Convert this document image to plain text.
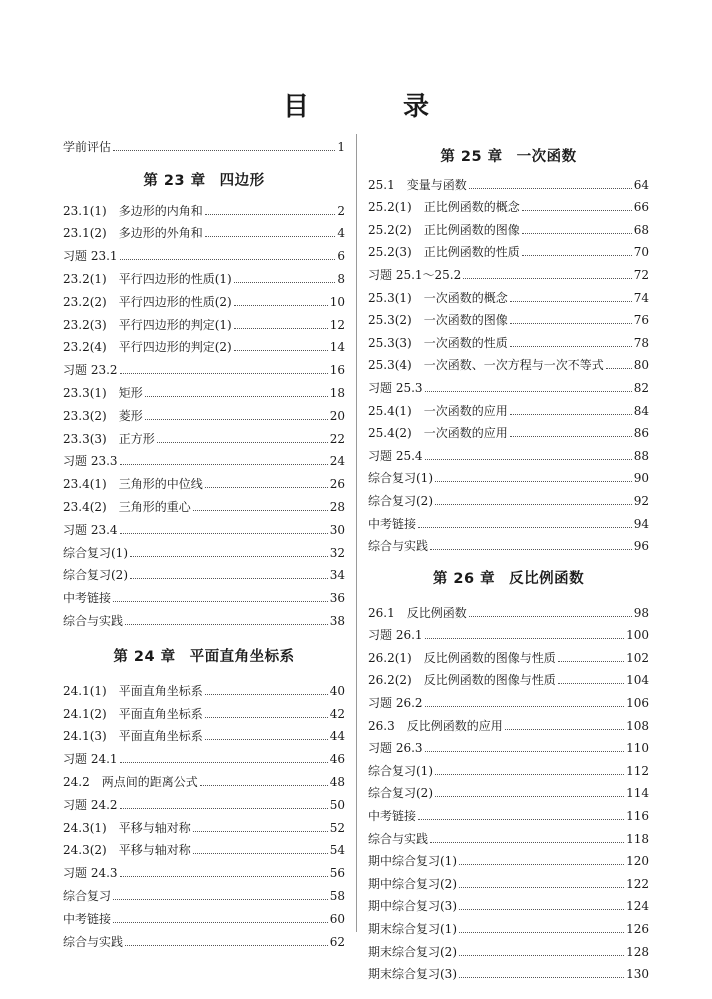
目　录
学前评估	1
第 23 章 四边形
23.1(1)　多边形的内角和	2
23.1(2)　多边形的外角和	4
习题 23.1	6
23.2(1)　平行四边形的性质(1)	8
23.2(2)　平行四边形的性质(2)	10
23.2(3)　平行四边形的判定(1)	12
23.2(4)　平行四边形的判定(2)	14
习题 23.2	16
23.3(1)　矩形	18
23.3(2)　菱形	20
23.3(3)　正方形	22
习题 23.3	24
23.4(1)　三角形的中位线	26
23.4(2)　三角形的重心	28
习题 23.4	30
综合复习(1)	32
综合复习(2)	34
中考链接	36
综合与实践	38
第 24 章 平面直角坐标系
24.1(1)　平面直角坐标系	40
24.1(2)　平面直角坐标系	42
24.1(3)　平面直角坐标系	44
习题 24.1	46
24.2　两点间的距离公式	48
习题 24.2	50
24.3(1)　平移与轴对称	52
24.3(2)　平移与轴对称	54
习题 24.3	56
综合复习	58
中考链接	60
综合与实践	62
第 25 章 一次函数
25.1　变量与函数	64
25.2(1)　正比例函数的概念	66
25.2(2)　正比例函数的图像	68
25.2(3)　正比例函数的性质	70
习题 25.1～25.2	72
25.3(1)　一次函数的概念	74
25.3(2)　一次函数的图像	76
25.3(3)　一次函数的性质	78
25.3(4)　一次函数、一次方程与一次不等式	80
习题 25.3	82
25.4(1)　一次函数的应用	84
25.4(2)　一次函数的应用	86
习题 25.4	88
综合复习(1)	90
综合复习(2)	92
中考链接	94
综合与实践	96
第 26 章 反比例函数
26.1　反比例函数	98
习题 26.1	100
26.2(1)　反比例函数的图像与性质	102
26.2(2)　反比例函数的图像与性质	104
习题 26.2	106
26.3　反比例函数的应用	108
习题 26.3	110
综合复习(1)	112
综合复习(2)	114
中考链接	116
综合与实践	118
期中综合复习(1)	120
期中综合复习(2)	122
期中综合复习(3)	124
期末综合复习(1)	126
期末综合复习(2)	128
期末综合复习(3)	130
